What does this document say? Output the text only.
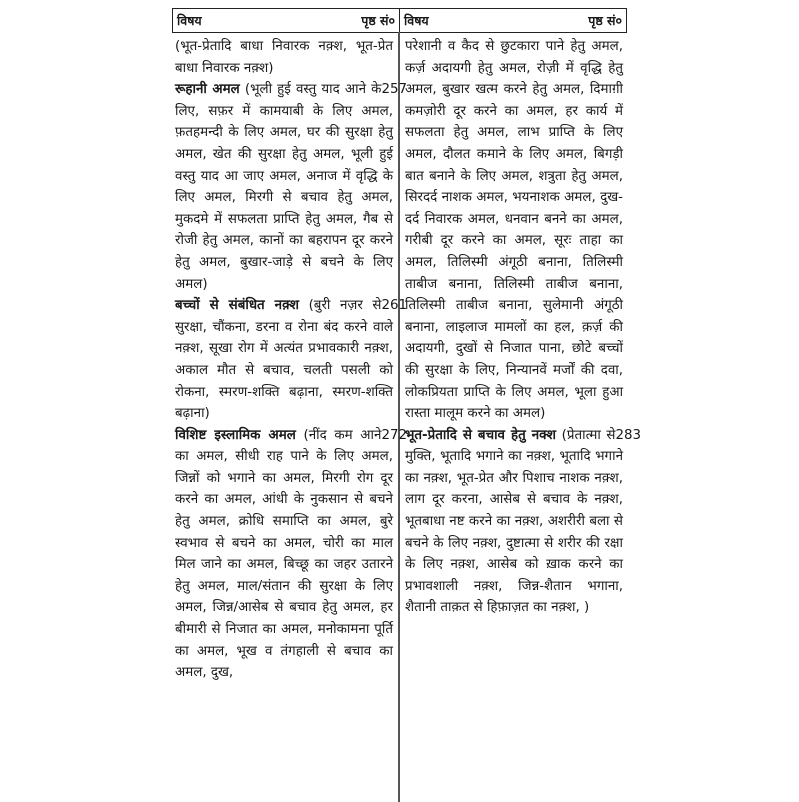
विषय	पृष्ठ सं० विषय	पृष्ठ सं०

(भूत-प्रेतादि बाधा निवारक नक़्श, भूत-प्रेत बाधा निवारक नक़्श)

257
रूहानी अमल (भूली हुई वस्तु याद आने के लिए, सफ़र में कामयाबी के लिए अमल, फ़तहमन्दी के लिए अमल, घर की सुरक्षा हेतु अमल, खेत की सुरक्षा हेतु अमल, भूली हुई वस्तु याद आ जाए अमल, अनाज में वृद्धि के लिए अमल, मिरगी से बचाव हेतु अमल, मुकदमे में सफलता प्राप्ति हेतु अमल, गैब से रोजी हेतु अमल, कानों का बहरापन दूर करने हेतु अमल, बुखार-जाड़े से बचने के लिए अमल)

261
बच्चों से संबंधित नक़्श (बुरी नज़र से सुरक्षा, चौंकना, डरना व रोना बंद करने वाले नक़्श, सूखा रोग में अत्यंत प्रभावकारी नक़्श, अकाल मौत से बचाव, चलती पसली को रोकना, स्मरण-शक्ति बढ़ाना, स्मरण-शक्ति बढ़ाना)

272
विशिष्ट इस्लामिक अमल (नींद कम आने का अमल, सीधी राह पाने के लिए अमल, जिन्नों को भगाने का अमल, मिरगी रोग दूर करने का अमल, आंधी के नुकसान से बचने हेतु अमल, क्रोधि समाप्ति का अमल, बुरे स्वभाव से बचने का अमल, चोरी का माल मिल जाने का अमल, बिच्छू का जहर उतारने हेतु अमल, माल/संतान की सुरक्षा के लिए अमल, जिन्न/आसेब से बचाव हेतु अमल, हर बीमारी से निजात का अमल, मनोकामना पूर्ति का अमल, भूख व तंगहाली से बचाव का अमल, दुख,

परेशानी व कैद से छुटकारा पाने हेतु अमल, कर्ज़ अदायगी हेतु अमल, रोज़ी में वृद्धि हेतु अमल, बुखार खत्म करने हेतु अमल, दिमाग़ी कमज़ोरी दूर करने का अमल, हर कार्य में सफलता हेतु अमल, लाभ प्राप्ति के लिए अमल, दौलत कमाने के लिए अमल, बिगड़ी बात बनाने के लिए अमल, शत्रुता हेतु अमल, सिरदर्द नाशक अमल, भयनाशक अमल, दुख-दर्द निवारक अमल, धनवान बनने का अमल, गरीबी दूर करने का अमल, सूरः ताहा का अमल, तिलिस्मी अंगूठी बनाना, तिलिस्मी ताबीज बनाना, तिलिस्मी ताबीज बनाना, तिलिस्मी ताबीज बनाना, सुलेमानी अंगूठी बनाना, लाइलाज मामलों का हल, क़र्ज़ की अदायगी, दुखों से निजात पाना, छोटे बच्चों की सुरक्षा के लिए, निन्यानवें मर्जों की दवा, लोकप्रियता प्राप्ति के लिए अमल, भूला हुआ रास्ता मालूम करने का अमल)

283
भूत-प्रेतादि से बचाव हेतु नक्श (प्रेतात्मा से मुक्ति, भूतादि भगाने का नक़्श, भूतादि भगाने का नक़्श, भूत-प्रेत और पिशाच नाशक नक़्श, लाग दूर करना, आसेब से बचाव के नक़्श, भूतबाधा नष्ट करने का नक़्श, अशरीरी बला से बचने के लिए नक़्श, दुष्टात्मा से शरीर की रक्षा के लिए नक़्श, आसेब को ख़ाक करने का प्रभावशाली नक़्श, जिन्न-शैतान भगाना, शैतानी ताक़त से हिफ़ाज़त का नक़्श, )
